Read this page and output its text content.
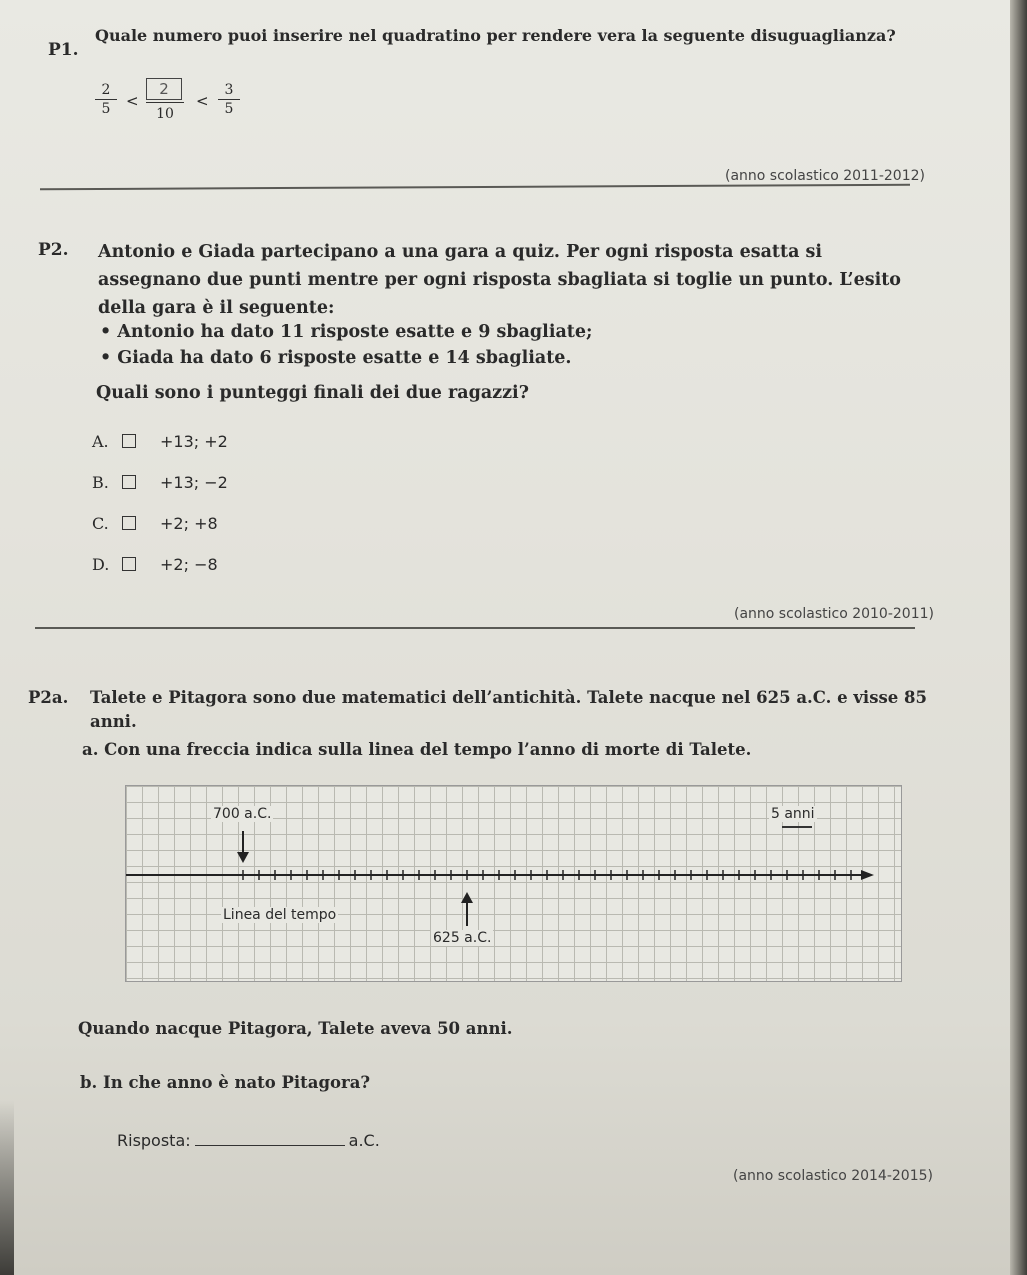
P1.
Quale numero puoi inserire nel quadratino per rendere vera la seguente disuguaglianza?
2
5	<
2
10
<
3
5
(anno scolastico 2011-2012)
P2. Antonio e Giada partecipano a una gara a quiz. Per ogni risposta esatta si assegnano due punti mentre per ogni risposta sbagliata si toglie un punto. L’esito della gara è il seguente:
• Antonio ha dato 11 risposte esatte e 9 sbagliate;
• Giada ha dato 6 risposte esatte e 14 sbagliate.
Quali sono i punteggi finali dei due ragazzi?
A.	+13; +2
B.	+13; −2
C.	+2; +8
D.	+2; −8
(anno scolastico 2010-2011)
P2a. Talete e Pitagora sono due matematici dell’antichità. Talete nacque nel 625 a.C. e visse 85 anni.
a. Con una freccia indica sulla linea del tempo l’anno di morte di Talete.
700 a.C.	5 anni
Linea del tempo
625 a.C.
Quando nacque Pitagora, Talete aveva 50 anni.
b. In che anno è nato Pitagora?
Risposta:	a.C.
(anno scolastico 2014-2015)
